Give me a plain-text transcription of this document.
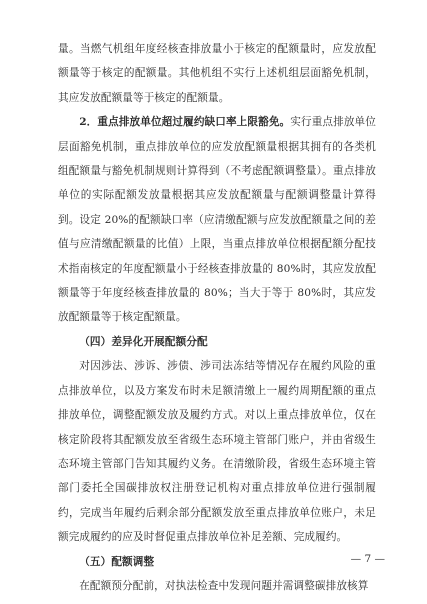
量。当燃气机组年度经核查排放量小于核定的配额量时，应发放配额量等于核定的配额量。其他机组不实行上述机组层面豁免机制，其应发放配额量等于核定的配额量。

2．重点排放单位超过履约缺口率上限豁免。实行重点排放单位层面豁免机制，重点排放单位的应发放配额量根据其拥有的各类机组配额量与豁免机制规则计算得到（不考虑配额调整量）。重点排放单位的实际配额发放量根据其应发放配额量与配额调整量计算得到。设定 20%的配额缺口率（应清缴配额与应发放配额量之间的差值与应清缴配额量的比值）上限，当重点排放单位根据配额分配技术指南核定的年度配额量小于经核查排放量的 80%时，其应发放配额量等于年度经核查排放量的 80%；当大于等于 80%时，其应发放配额量等于核定配额量。

（四）差异化开展配额分配

对因涉法、涉诉、涉债、涉司法冻结等情况存在履约风险的重点排放单位，以及方案发布时未足额清缴上一履约周期配额的重点排放单位，调整配额发放及履约方式。对以上重点排放单位，仅在核定阶段将其配额发放至省级生态环境主管部门账户，并由省级生态环境主管部门告知其履约义务。在清缴阶段，省级生态环境主管部门委托全国碳排放权注册登记机构对重点排放单位进行强制履约，完成当年履约后剩余部分配额发放至重点排放单位账户，未足额完成履约的应及时督促重点排放单位补足差额、完成履约。

（五）配额调整

在配额预分配前，对执法检查中发现问题并需调整碳排放核算

— 7 —
